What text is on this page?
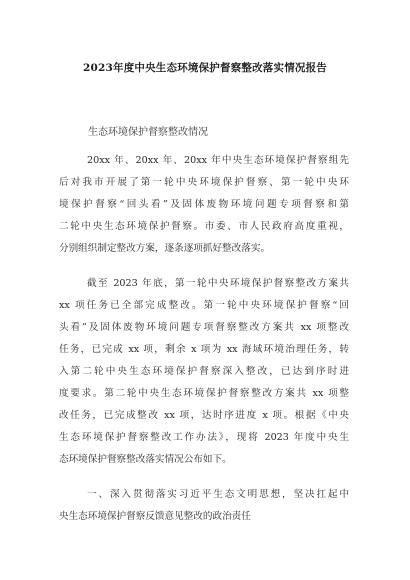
2023年度中央生态环境保护督察整改落实情况报告
生态环境保护督察整改情况
20xx 年、20xx 年、20xx 年中央生态环境保护督察组先
后对我市开展了第一轮中央环境保护督察、第一轮中央环
境保护督察“回头看”及固体废物环境问题专项督察和第
二轮中央生态环境保护督察。市委、市人民政府高度重视，
分别组织制定整改方案，逐条逐项抓好整改落实。
截至 2023 年底，第一轮中央环境保护督察整改方案共
xx 项任务已全部完成整改。第一轮中央环境保护督察“回
头看”及固体废物环境问题专项督察整改方案共 xx 项整改
任务，已完成 xx 项，剩余 x 项为 xx 海域环境治理任务，转
入第二轮中央生态环境保护督察深入整改，已达到序时进
度要求。第二轮中央生态环境保护督察整改方案共 xx 项整
改任务，已完成整改 xx 项，达时序进度 x 项。根据《中央
生态环境保护督察整改工作办法》，现将 2023 年度中央生
态环境保护督察整改落实情况公布如下。
一、深入贯彻落实习近平生态文明思想，坚决扛起中
央生态环境保护督察反馈意见整改的政治责任
